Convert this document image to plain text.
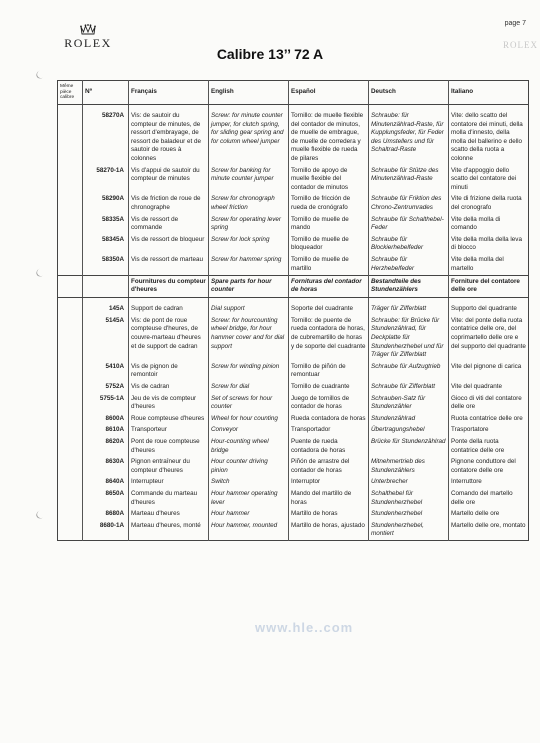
page 7
ROLEX
ROLEX
Calibre 13’’ 72 A
Même pièce calibre	Nº	Français	English	Español	Deutsch	Italiano

	58270A	Vis: de sautoir du compteur de minutes, de ressort d'embrayage, de ressort de baladeur et de sautoir de roues à colonnes	Screw: for minute counter jumper, for clutch spring, for sliding gear spring and for column wheel jumper	Tornillo: de muelle flexible del contador de minutos, de muelle de embrague, de muelle de corredera y muelle flexible de rueda de pilares	Schraube: für Minutenzählrad-Raste, für Kupplungsfeder, für Feder des Umstellers und für Schaltrad-Raste	Vite: dello scatto del contatore dei minuti, della molla d'innesto, della molla del ballerino e dello scatto della ruota a colonne
	58270-1A	Vis d'appui de sautoir du compteur de minutes	Screw for banking for minute counter jumper	Tornillo de apoyo de muelle flexible del contador de minutos	Schraube für Stütze des Minutenzählrad-Raste	Vite d'appoggio dello scatto del contatore dei minuti
	58290A	Vis de friction de roue de chronographe	Screw for chronograph wheel friction	Tornillo de fricción de rueda de cronógrafo	Schraube für Friktion des Chrono-Zentrumrades	Vite di frizione della ruota del cronografo
	58335A	Vis de ressort de commande	Screw for operating lever spring	Tornillo de muelle de mando	Schraube für Schalthebel-Feder	Vite della molla di comando
	58345A	Vis de ressort de bloqueur	Screw for lock spring	Tornillo de muelle de bloqueador	Schraube für Blockierhebelfeder	Vite della molla della leva di blocco
	58350A	Vis de ressort de marteau	Screw for hammer spring	Tornillo de muelle de martillo	Schraube für Herzhebelfeder	Vite della molla del martello
		Fournitures du compteur d'heures	Spare parts for hour counter	Fornituras del contador de horas	Bestandteile des Stundenzählers	Forniture del contatore delle ore

	145A	Support de cadran	Dial support	Soporte del cuadrante	Träger für Zifferblatt	Supporto del quadrante
	5145A	Vis: de pont de roue compteuse d'heures, de couvre-marteau d'heures et de support de cadran	Screw: for hourcounting wheel bridge, for hour hammer cover and for dial support	Tornillo: de puente de rueda contadora de horas, de cubremartillo de horas y de soporte del cuadrante	Schraube: für Brücke für Stundenzählrad, für Deckplatte für Stundenherzhebel und für Träger für Zifferblatt	Vite: del ponte della ruota contatrice delle ore, del coprimartello delle ore e del supporto del quadrante
	5410A	Vis de pignon de remontoir	Screw for winding pinion	Tornillo de piñón de remontuar	Schraube für Aufzugtrieb	Vite del pignone di carica
	5752A	Vis de cadran	Screw for dial	Tornillo de cuadrante	Schraube für Zifferblatt	Vite del quadrante
	5755-1A	Jeu de vis de compteur d'heures	Set of screws for hour counter	Juego de tornillos de contador de horas	Schrauben-Satz für Stundenzähler	Gioco di viti del contatore delle ore
	8600A	Roue compteuse d'heures	Wheel for hour counting	Rueda contadora de horas	Stundenzählrad	Ruota contatrice delle ore
	8610A	Transporteur	Conveyor	Transportador	Übertragungshebel	Trasportatore
	8620A	Pont de roue compteuse d'heures	Hour-counting wheel bridge	Puente de rueda contadora de horas	Brücke für Stundenzählrad	Ponte della ruota contatrice delle ore
	8630A	Pignon entraîneur du compteur d'heures	Hour counter driving pinion	Piñón de arrastre del contador de horas	Mitnehmertrieb des Stundenzählers	Pignone conduttore del contatore delle ore
	8640A	Interrupteur	Switch	Interruptor	Unterbrecher	Interruttore
	8650A	Commande du marteau d'heures	Hour hammer operating lever	Mando del martillo de horas	Schalthebel für Stundenherzhebel	Comando del martello delle ore
	8680A	Marteau d'heures	Hour hammer	Martillo de horas	Stundenherzhebel	Martello delle ore
	8680-1A	Marteau d'heures, monté	Hour hammer, mounted	Martillo de horas, ajustado	Stundenherzhebel, montiert	Martello delle ore, montato
www.hle..com
